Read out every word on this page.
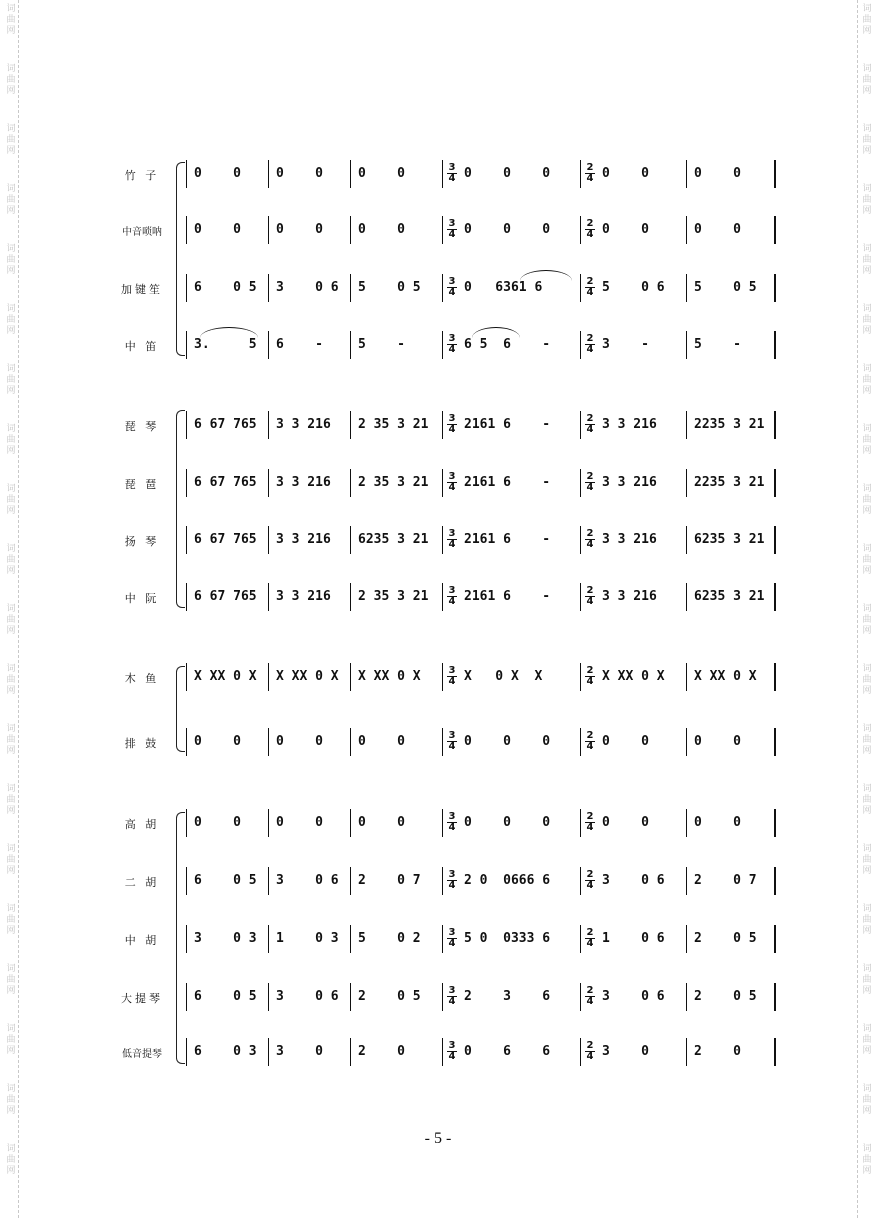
词
曲
网
词
曲
网
词
曲
网
词
曲
网
词
曲
网
词
曲
网
词
曲
网
词
曲
网
词
曲
网
词
曲
网
词
曲
网
词
曲
网
词
曲
网
词
曲
网
词
曲
网
词
曲
网
词
曲
网
词
曲
网
词
曲
网
词
曲
网
词
曲
网
词
曲
网
词
曲
网
词
曲
网
词
曲
网
词
曲
网
词
曲
网
词
曲
网
词
曲
网
词
曲
网
词
曲
网
词
曲
网
词
曲
网
词
曲
网
词
曲
网
词
曲
网
词
曲
网
词
曲
网
词
曲
网
词
曲
网
竹 子	$\frac{3}{4}$	$\frac{2}{4}$
0    0	0    0	0    0	0    0    0	0    0	0    0
中音唢呐	$\frac{3}{4}$	$\frac{2}{4}$
0    0	0    0	0    0	0    0    0	0    0	0    0
加键笙	$\frac{3}{4}$	$\frac{2}{4}$
6    0 5	3    0 6	5    0 5	0   6361 6	5    0 6	5    0 5
中 笛	$\frac{3}{4}$	$\frac{2}{4}$
3.     5	6    -	5    -	6 5  6    -	3    -	5    -
琵 琴	$\frac{3}{4}$	$\frac{2}{4}$
6 67 765	3 3 216	2 35 3 21	2161 6    -	3 3 216	2235 3 21
琵 琶	$\frac{3}{4}$	$\frac{2}{4}$
6 67 765	3 3 216	2 35 3 21	2161 6    -	3 3 216	2235 3 21
扬 琴	$\frac{3}{4}$	$\frac{2}{4}$
6 67 765	3 3 216	6235 3 21	2161 6    -	3 3 216	6235 3 21
中 阮	$\frac{3}{4}$	$\frac{2}{4}$
6 67 765	3 3 216	2 35 3 21	2161 6    -	3 3 216	6235 3 21
木 鱼	$\frac{3}{4}$	$\frac{2}{4}$
X XX 0 X	X XX 0 X	X XX 0 X	X   0 X  X	X XX 0 X	X XX 0 X
排 鼓	$\frac{3}{4}$	$\frac{2}{4}$
0    0	0    0	0    0	0    0    0	0    0	0    0
高 胡	$\frac{3}{4}$	$\frac{2}{4}$
0    0	0    0	0    0	0    0    0	0    0	0    0
二 胡	$\frac{3}{4}$	$\frac{2}{4}$
6    0 5	3    0 6	2    0 7	2 0  0666 6	3    0 6	2    0 7
中 胡	$\frac{3}{4}$	$\frac{2}{4}$
3    0 3	1    0 3	5    0 2	5 0  0333 6	1    0 6	2    0 5
大提琴	$\frac{3}{4}$	$\frac{2}{4}$
6    0 5	3    0 6	2    0 5	2    3    6	3    0 6	2    0 5
低音提琴	$\frac{3}{4}$	$\frac{2}{4}$
6    0 3	3    0	2    0	0    6    6	3    0	2    0
- 5 -
